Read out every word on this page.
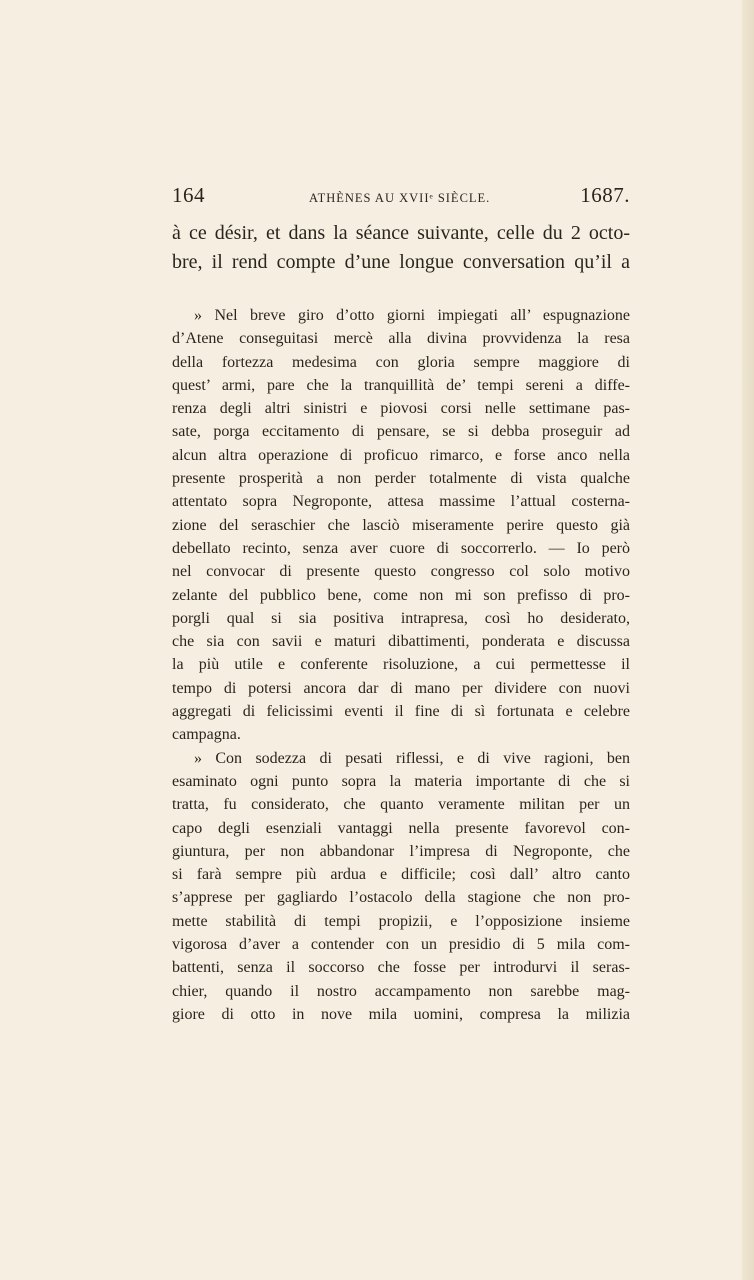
164	ATHÈNES AU XVIIᵉ SIÈCLE.	1687.
à ce désir, et dans la séance suivante, celle du 2 octo-
bre, il rend compte d’une longue conversation qu’il a
» Nel breve giro d’otto giorni impiegati all’ espugnazione
d’Atene conseguitasi mercè alla divina provvidenza la resa
della fortezza medesima con gloria sempre maggiore di
quest’ armi, pare che la tranquillità de’ tempi sereni a diffe-
renza degli altri sinistri e piovosi corsi nelle settimane pas-
sate, porga eccitamento di pensare, se si debba proseguir ad
alcun altra operazione di proficuo rimarco, e forse anco nella
presente prosperità a non perder totalmente di vista qualche
attentato sopra Negroponte, attesa massime l’attual costerna-
zione del seraschier che lasciò miseramente perire questo già
debellato recinto, senza aver cuore di soccorrerlo. — Io però
nel convocar di presente questo congresso col solo motivo
zelante del pubblico bene, come non mi son prefisso di pro-
porgli qual si sia positiva intrapresa, così ho desiderato,
che sia con savii e maturi dibattimenti, ponderata e discussa
la più utile e conferente risoluzione, a cui permettesse il
tempo di potersi ancora dar di mano per dividere con nuovi
aggregati di felicissimi eventi il fine di sì fortunata e celebre
campagna.
» Con sodezza di pesati riflessi, e di vive ragioni, ben
esaminato ogni punto sopra la materia importante di che si
tratta, fu considerato, che quanto veramente militan per un
capo degli esenziali vantaggi nella presente favorevol con-
giuntura, per non abbandonar l’impresa di Negroponte, che
si farà sempre più ardua e difficile; così dall’ altro canto
s’apprese per gagliardo l’ostacolo della stagione che non pro-
mette stabilità di tempi propizii, e l’opposizione insieme
vigorosa d’aver a contender con un presidio di 5 mila com-
battenti, senza il soccorso che fosse per introdurvi il seras-
chier, quando il nostro accampamento non sarebbe mag-
giore di otto in nove mila uomini, compresa la milizia
